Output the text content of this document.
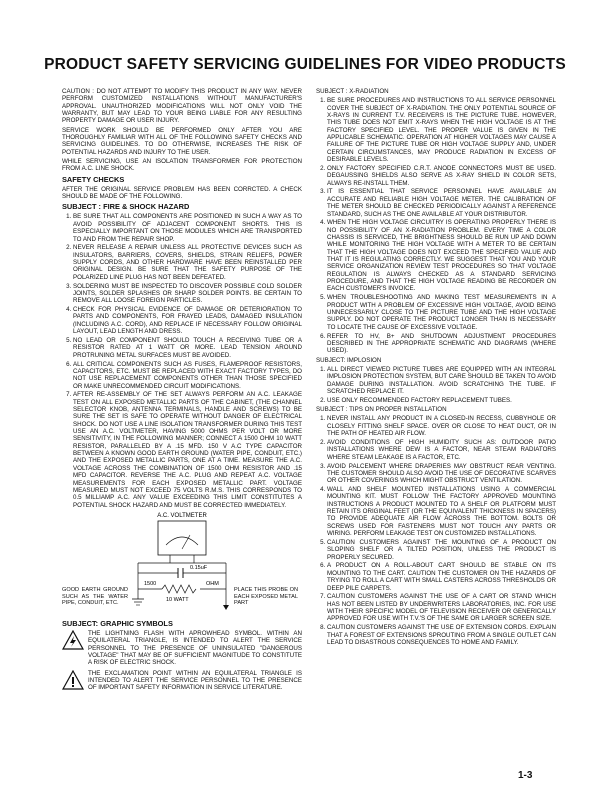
PRODUCT SAFETY SERVICING GUIDELINES FOR VIDEO PRODUCTS

CAUTION : DO NOT ATTEMPT TO MODIFY THIS PRODUCT IN ANY WAY. NEVER PERFORM CUSTOMIZED INSTALLATIONS WITHOUT MANUFACTURER'S APPROVAL. UNAUTHORIZED MODIFICATIONS WILL NOT ONLY VOID THE WARRANTY, BUT MAY LEAD TO YOUR BEING LIABLE FOR ANY RESULTING PROPERTY DAMAGE OR USER INJURY.

SERVICE WORK SHOULD BE PERFORMED ONLY AFTER YOU ARE THOROUGHLY FAMILIAR WITH ALL OF THE FOLLOWING SAFETY CHECKS AND SERVICING GUIDELINES. TO DO OTHERWISE, INCREASES THE RISK OF POTENTIAL HAZARDS AND INJURY TO THE USER.

WHILE SERVICING, USE AN ISOLATION TRANSFORMER FOR PROTECTION FROM A.C. LINE SHOCK.

SAFETY CHECKS

AFTER THE ORIGINAL SERVICE PROBLEM HAS BEEN CORRCTED. A CHECK SHOULD BE MADE OF THE FOLLOWING.

SUBJECT : FIRE & SHOCK HAZARD
1. BE SURE THAT ALL COMPONENTS ARE POSITIONED IN SUCH A WAY AS TO AVOID POSSIBILITY OF ADJACENT COMPONENT SHORTS. THIS IS ESPECIALLY IMPORTANT ON THOSE MODULES WHICH ARE TRANSPORTED TO AND FROM THE REPAIR SHOP.
2. NEVER RELEASE A REPAIR UNLESS ALL PROTECTIVE DEVICES SUCH AS INSULATORS, BARRIERS, COVERS, SHIELDS, STRAIN RELIEFS, POWER SUPPLY CORDS, AND OTHER HARDWARE HAVE BEEN REINSTALLED PER ORIGINAL DESIGN. BE SURE THAT THE SAFETY PURPOSE OF THE POLARIZED LINE PLUG HAS NOT BEEN DEFEATED.
3. SOLDERING MUST BE INSPECTED TO DISCOVER POSSIBLE COLD SOLDER JOINTS, SOLDER SPLASHES OR SHARP SOLDER POINTS. BE CERTAIN TO REMOVE ALL LOOSE FOREIGN PARTICLES.
4. CHECK FOR PHYSICAL EVIDENCE OF DAMAGE OR DETERIORATION TO PARTS AND COMPONENTS, FOR FRAYED LEADS, DAMAGED INSULATION (INCLUDING A.C. CORD), AND REPLACE IF NECESSARY FOLLOW ORIGINAL LAYOUT, LEAD LENGTH AND DRESS.
5. NO LEAD OR COMPONENT SHOULD TOUCH A RECEIVING TUBE OR A RESISTOR RATED AT 1 WATT OR MORE. LEAD TENSION AROUND PROTRUNING METAL SURFACES MUST BE AVOIDED.
6. ALL CRITICAL COMPONENTS SUCH AS FUSES, FLAMEPROOF RESISTORS, CAPACITORS, ETC. MUST BE REPLACED WITH EXACT FACTORY TYPES, DO NOT USE REPLACEMENT COMPONENTS OTHER THAN THOSE SPECIFIED OR MAKE UNRECOMMENDED CIRCUIT MODIFICATIONS.
7. AFTER RE-ASSEMBLY OF THE SET ALWAYS PERFORM AN A.C. LEAKAGE TEST ON ALL EXPOSED METALLIC PARTS OF THE CABINET, (THE CHANNEL SELECTOR KNOB, ANTENNA TERMINALS, HANDLE AND SCREWS) TO BE SURE THE SET IS SAFE TO OPERATE WITHOUT DANGER OF ELECTRICAL SHOCK. DO NOT USE A LINE ISOLATION TRANSFORMER DURING THIS TEST USE AN A.C. VOLTMETER, HAVING 5000 OHMS PER VOLT OR MORE SENSITIVITY, IN THE FOLLOWING MANNER; CONNECT A 1500 OHM 10 WATT RESISTOR, PARALLELED BY A .15 MFD. 150 V A.C TYPE CAPACITOR BETWEEN A KNOWN GOOD EARTH GROUND (WATER PIPE, CONDUIT, ETC.) AND THE EXPOSED METALLIC PARTS, ONE AT A TIME. MEASURE THE A.C. VOLTAGE ACROSS THE COMBINATION OF 1500 OHM RESISTOR AND .15 MFD CAPACITOR. REVERSE THE A.C. PLUG AND REPEAT A.C. VOLTAGE MEASUREMENTS FOR EACH EXPOSED METALLIC PART. VOLTAGE MEASURED MUST NOT EXCEED 75 VOLTS R.M.S. THIS CORRESPONDS TO 0.5 MILLIAMP A.C. ANY VALUE EXCEEDING THIS LIMIT CONSTITUTES A POTENTIAL SHOCK HAZARD AND MUST BE CORRECTED IMMEDIATELY.
A.C. VOLTMETER
0.15uF
1500	OHM
10 WATT
GOOD EARTH GROUND SUCH AS THE WATER PIPE, CONDUIT, ETC.
PLACE THIS PROBE ON EACH EXPOSED METAL PART
SUBJECT: GRAPHIC SYMBOLS
THE LIGHTNING FLASH WITH APROWHEAD SYMBOL. WITHIN AN EQUILATERAL TRIANGLE, IS INTENDED TO ALERT THE SERVICE PERSONNEL TO THE PRESENCE OF UNINSULATED "DANGEROUS VOLTAGE" THAT MAY BE OF SUFFICIENT MAGNITUDE TO CONSTITUTE A RISK OF ELECTRIC SHOCK.
THE EXCLAMATION POINT WITHIN AN EQUILATERAL TRIANGLE IS INTENDED TO ALERT THE SERVICE PERSONNEL TO THE PRESENCE OF IMPORTANT SAFETY INFORMATION IN SERVICE LITERATURE.
SUBJECT : X-RADIATION
1. BE SURE PROCEDURES AND INSTRUCTIONS TO ALL SERVICE PERSONNEL COVER THE SUBJECT OF X-RADIATION. THE ONLY POTENTIAL SOURCE OF X-RAYS IN CURRENT T.V. RECEIVERS IS THE PICTURE TUBE. HOWEVER, THIS TUBE DOES NOT EMIT X-RAYS WHEN THE HIGH VOLTAGE IS AT THE FACTORY SPECIFIED LEVEL. THE PROPER VALUE IS GIVEN IN THE APPLICABLE SCHEMATIC. OPERATION AT HIGHER VOLTAGES MAY CAUSE A FAILURE OF THE PICTURE TUBE OR HIGH VOLTAGE SUPPLY AND, UNDER CERTAIN CIRCUMSTANCES, MAY PRODUCE RADIATION IN EXCESS OF DESIRABLE LEVELS.
2. ONLY FACTORY SPECIFIED C.R.T. ANODE CONNECTORS MUST BE USED. DEGAUSSING SHIELDS ALSO SERVE AS X-RAY SHIELD IN COLOR SETS, ALWAYS RE-INSTALL THEM.
3. IT IS ESSENTIAL THAT SERVICE PERSONNEL HAVE AVAILABLE AN ACCURATE AND RELIABLE HIGH VOLTAGE METER. THE CALIBRATION OF THE METER SHOULD BE CHECKED PERIODICALLY AGAINST A REFERENCE STANDARD, SUCH AS THE ONE AVAILABLE AT YOUR DISTRIBUTOR.
4. WHEN THE HIGH VOLTAGE CIRCUITRY IS OPERATING PROPERLY THERE IS NO POSSIBILITY OF AN X-RADIATION PROBLEM. EVERY TIME A COLOR CHASSIS IS SERVICED, THE BRIGHTNESS SHOULD BE RUN UP AND DOWN WHILE MONITORING THE HIGH VOLTAGE WITH A METER TO BE CERTAIN THAT THE HIGH VOLTAGE DOES NOT EXCEED THE SPECIFIED VALUE AND THAT IT IS REGULATING CORRECTLY. WE SUGGEST THAT YOU AND YOUR SERVICE ORGANIZATION REVIEW TEST PROCEDURES SO THAT VOLTAGE REGULATION IS ALWAYS CHECKED AS A STANDARD SERVICING PROCEDURE, AND THAT THE HIGH VOLTAGE READING BE RECORDER ON EACH CUSTOMER'S INVOICE.
5. WHEN TROUBLESHOOTING AND MAKING TEST MEASUREMENTS IN A PRODUCT WITH A PROBLEM OF EXCESSIVE HIGH VOLTAGE, AVOID BEING UNNECESSARILY CLOSE TO THE PICTURE TUBE AND THE HIGH VOLTAGE SUPPLY. DO NOT OPERATE THE PRODUCT LONGER THAN IS NECESSARY TO LOCATE THE CAUSE OF EXCESSIVE VOLTAGE.
6. REFER TO HV, B+ AND SHUTDOWN ADJUSTMENT PROCEDURES DESCRIBED IN THE APPROPRIATE SCHEMATIC AND DIAGRAMS (WHERE USED).
SUBJECT: IMPLOSION
1. ALL DIRECT VIEWED PICTURE TUBES ARE EQUIPPED WITH AN INTEGRAL IMPLOSION PROTECTION SYSTEM, BUT CARE SHOULD BE TAKEN TO AVOID DAMAGE DURING INSTALLATION. AVOID SCRATCHING THE TUBE. IF SCRATCHED REPLACE IT.
2. USE ONLY RECOMMENDED FACTORY REPLACEMENT TUBES.
SUBJECT : TIPS ON PROPER INSTALLATION
1. NEVER INSTALL ANY PRODUCT IN A CLOSED-IN RECESS, CUBBYHOLE OR CLOSELY FITTING SHELF SPACE. OVER OR CLOSE TO HEAT DUCT, OR IN THE PATH OF HEATED AIR FLOW.
2. AVOID CONDITIONS OF HIGH HUMIDITY SUCH AS: OUTDOOR PATIO INSTALLATIONS WHERE DEW IS A FACTOR, NEAR STEAM RADIATORS WHERE STEAM LEAKAGE IS A FACTOR, ETC.
3. AVOID PALCEMENT WHERE DRAPERIES MAY OBSTRUCT REAR VENTING. THE CUSTOMER SHOULD ALSO AVOID THE USE OF DECORATIVE SCARVES OR OTHER COVERINGS WHICH MIGHT OBSTRUCT VENTILATION.
4. WALL AND SHELF MOUNTED INSTALLATIONS USING A COMMERCIAL MOUNTING KIT. MUST FOLLOW THE FACTORY APPROVED MOUNTING INSTRUCTIONS A PRODUCT MOUNTED TO A SHELF OR PLATFORM MUST RETAIN ITS ORIGINAL FEET (OR THE EQUIVALENT THICKNESS IN SPACERS) TO PROVIDE ADEQUATE AIR FLOW ACROSS THE BOTTOM. BOLTS OR SCREWS USED FOR FASTENERS MUST NOT TOUCH ANY PARTS OR WIRING. PERFORM LEAKAGE TEST ON CUSTOMIZED INSTALLATIONS.
5. CAUTION CUSTOMERS AGAINST THE MOUNTING OF A PRODUCT ON SLOPING SHELF OR A TILTED POSITION, UNLESS THE PRODUCT IS PROPERLY SECURED.
6. A PRODUCT ON A ROLL-ABOUT CART SHOULD BE STABLE ON ITS MOUNTING TO THE CART. CAUTION THE CUSTOMER ON THE HAZARDS OF TRYING TO ROLL A CART WITH SMALL CASTERS ACROSS THRESHOLDS OR DEEP PILE CARPETS.
7. CAUTION CUSTOMERS AGAINST THE USE OF A CART OR STAND WHICH HAS NOT BEEN LISTED BY UNDERWRITERS LABORATORIES, INC. FOR USE WITH THEIR SPECIFIC MODEL OF TELEVISION RECEIVER OR GENERICALLY APPROVED FOR USE WITH T.V.'S OF THE SAME OR LARGER SCREEN SIZE.
8. CAUTION CUSTOMERS AGAINST THE USE OF EXTENSION CORDS. EXPLAIN THAT A FOREST OF EXTENSIONS SPROUTING FROM A SINGLE OUTLET CAN LEAD TO DISASTROUS CONSEQUENCES TO HOME AND FAMILY.
1-3
